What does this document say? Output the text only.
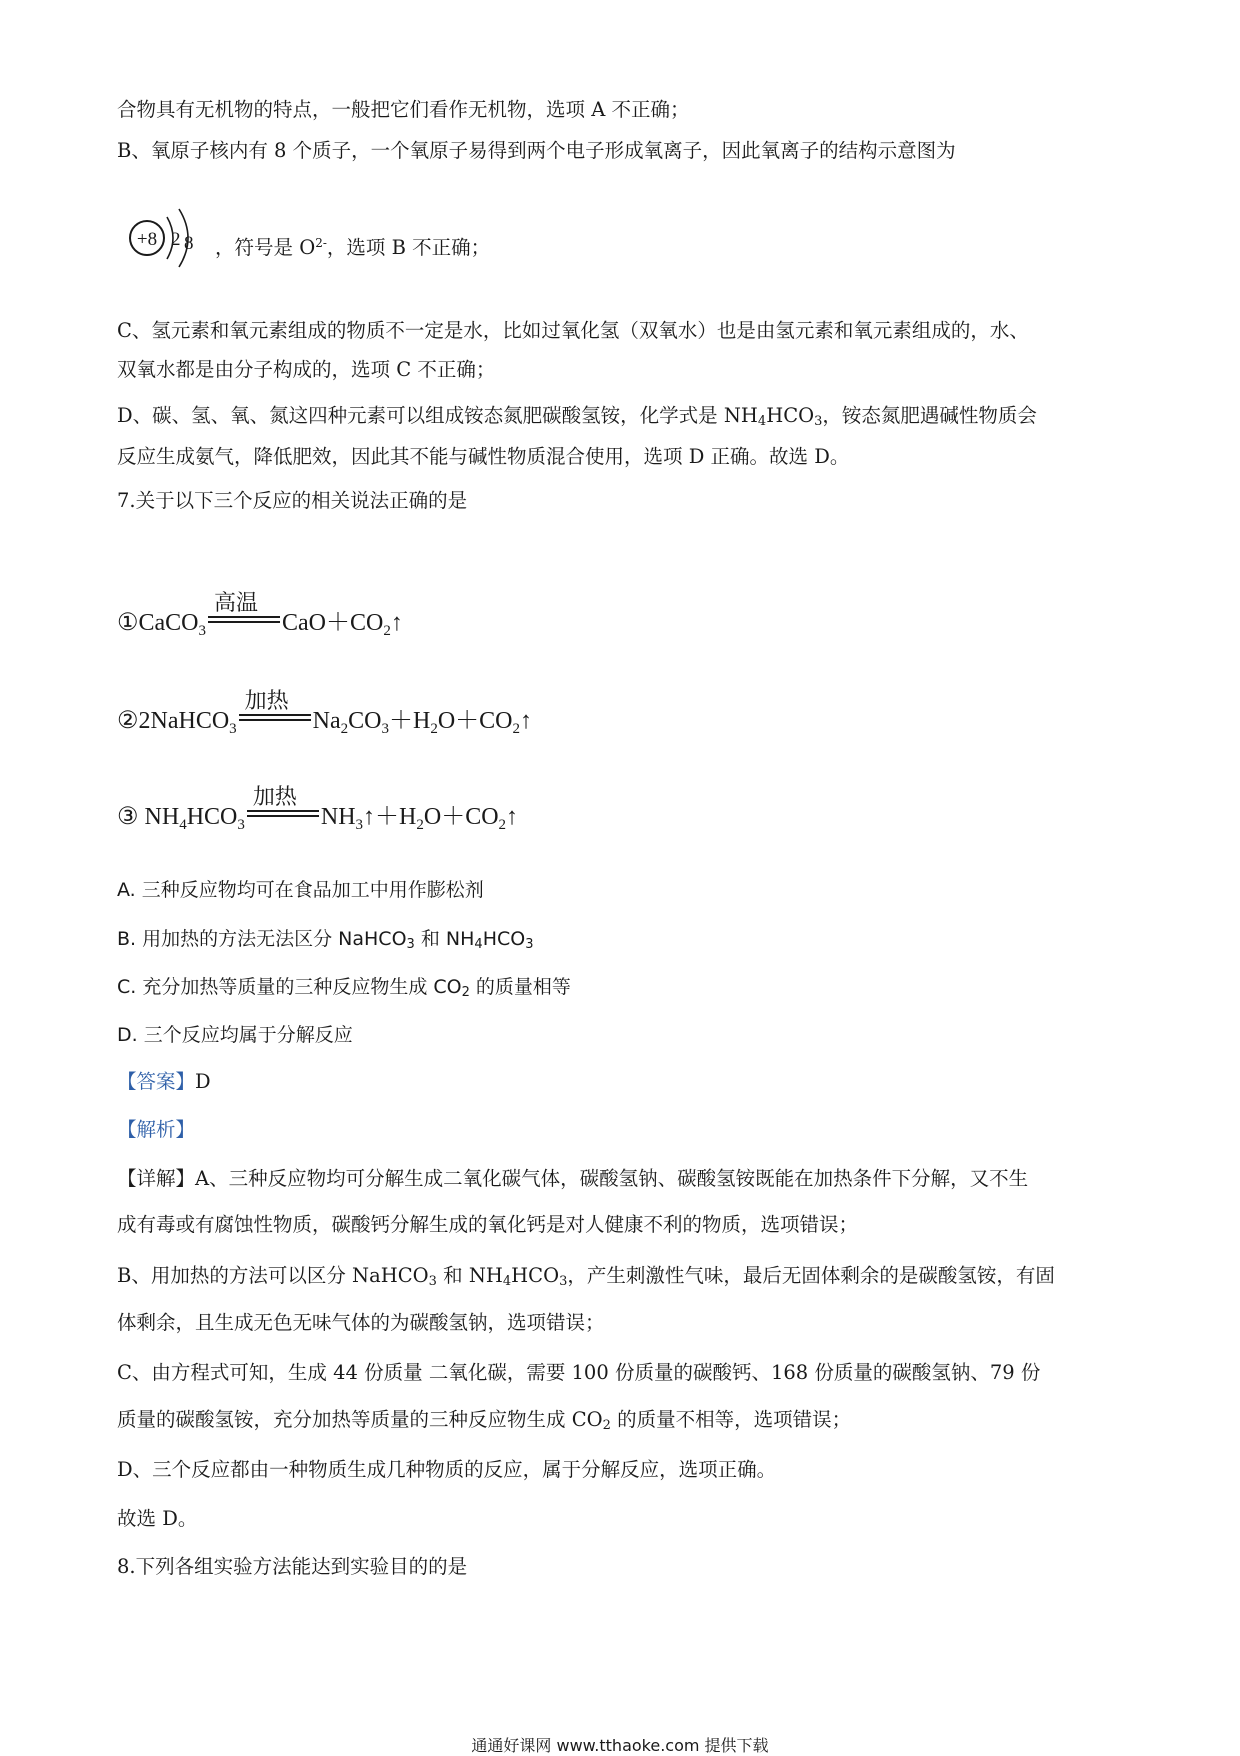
合物具有无机物的特点，一般把它们看作无机物，选项 A 不正确；
B、氧原子核内有 8 个质子，一个氧原子易得到两个电子形成氧离子，因此氧离子的结构示意图为
+8 2 8 ，符号是 $O^{2-}$，选项 B 不正确；
C、氢元素和氧元素组成的物质不一定是水，比如过氧化氢（双氧水）也是由氢元素和氧元素组成的，水、
双氧水都是由分子构成的，选项 C 不正确；
D、碳、氢、氧、氮这四种元素可以组成铵态氮肥碳酸氢铵，化学式是 $NH_4HCO_3$，铵态氮肥遇碱性物质会
反应生成氨气，降低肥效，因此其不能与碱性物质混合使用，选项 D 正确。故选 D。
7.关于以下三个反应的相关说法正确的是
①CaCO$_3$
高温
$CaO+CO_2↑$
②2NaHCO$_3$
加热
$Na_2CO_3+H_2O+CO_2↑$
③ $NH_4HCO_3$
加热
$NH_3↑+H_2O+CO_2↑$
A. 三种反应物均可在食品加工中用作膨松剂
B. 用加热的方法无法区分 NaHCO$_3$ 和 $NH_4HCO_3$
C. 充分加热等质量的三种反应物生成 $CO_2$ 的质量相等
D. 三个反应均属于分解反应
【答案】D
【解析】
【详解】A、三种反应物均可分解生成二氧化碳气体，碳酸氢钠、碳酸氢铵既能在加热条件下分解，又不生
成有毒或有腐蚀性物质，碳酸钙分解生成的氧化钙是对人健康不利的物质，选项错误；
B、用加热的方法可以区分 NaHCO$_3$ 和 $NH_4HCO_3$，产生刺激性气味，最后无固体剩余的是碳酸氢铵，有固
体剩余，且生成无色无味气体的为碳酸氢钠，选项错误；
C、由方程式可知，生成 44 份质量 二氧化碳，需要 100 份质量的碳酸钙、168 份质量的碳酸氢钠、79 份
质量的碳酸氢铵，充分加热等质量的三种反应物生成 $CO_2$ 的质量不相等，选项错误；
D、三个反应都由一种物质生成几种物质的反应，属于分解反应，选项正确。
故选 D。
8.下列各组实验方法能达到实验目的的是
通通好课网 www.tthaoke.com 提供下载
